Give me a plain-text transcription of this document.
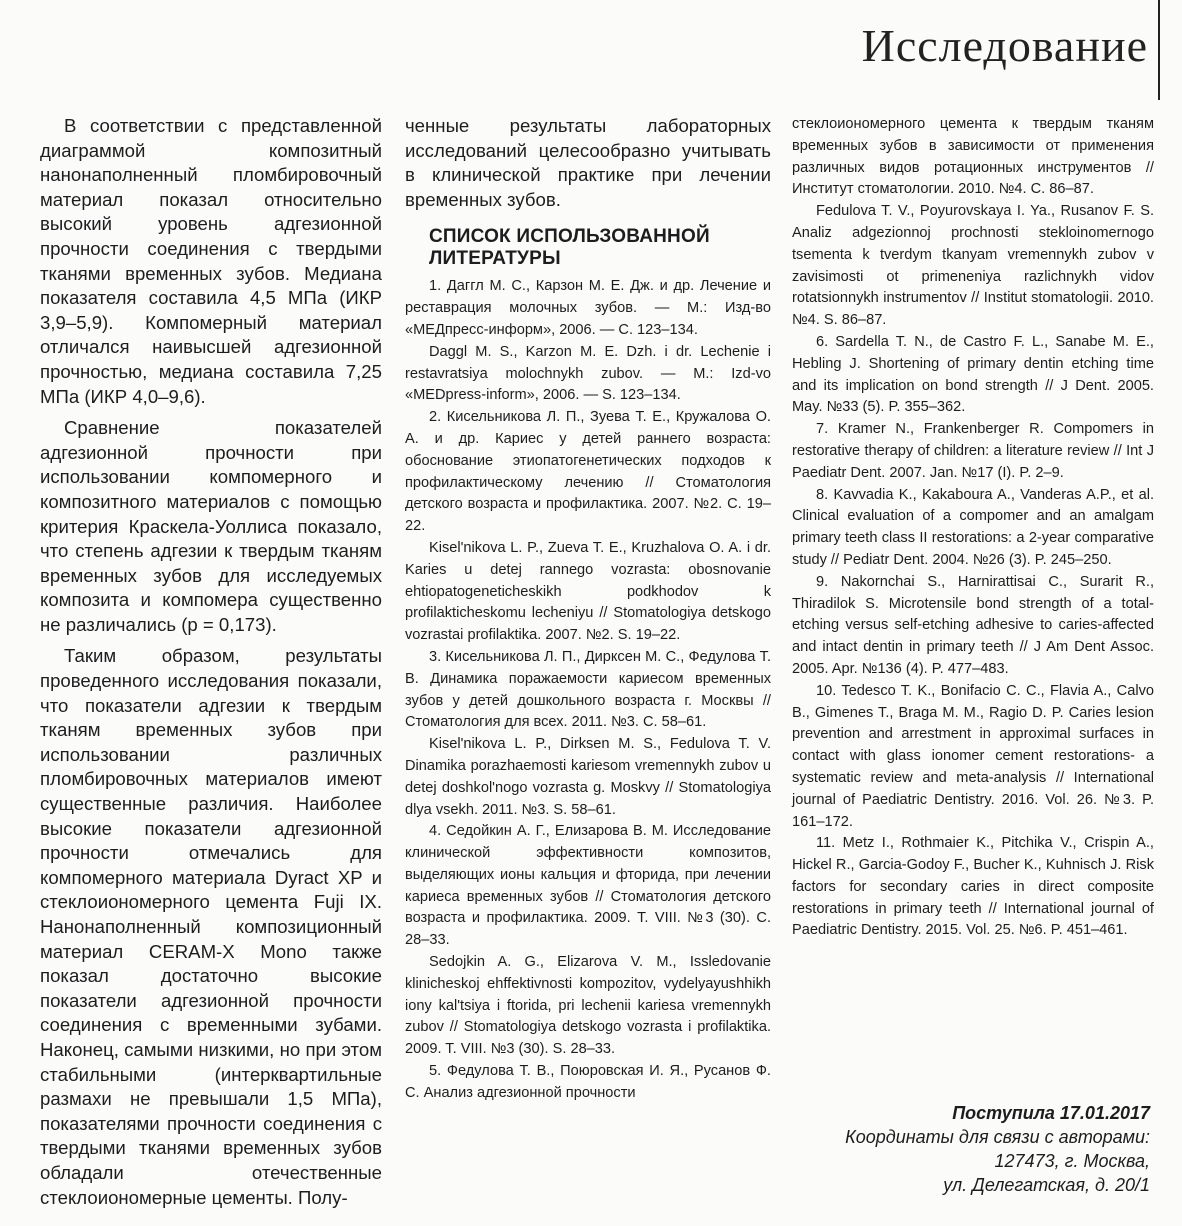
Исследование

В соответствии с представленной диаграммой композитный нанонаполненный пломбировочный материал показал относительно высокий уровень адгезионной прочности соединения с твердыми тканями временных зубов. Медиана показателя составила 4,5 МПа (ИКР 3,9–5,9). Компомерный материал отличался наивысшей адгезионной прочностью, медиана составила 7,25 МПа (ИКР 4,0–9,6).

Сравнение показателей адгезионной прочности при использовании компомерного и композитного материалов с помощью критерия Краскела-Уоллиса показало, что степень адгезии к твердым тканям временных зубов для исследуемых композита и компомера существенно не различались (р = 0,173).

Таким образом, результаты проведенного исследования показали, что показатели адгезии к твердым тканям временных зубов при использовании различных пломбировочных материалов имеют существенные различия. Наиболее высокие показатели адгезионной прочности отмечались для компомерного материала Dyract XP и стеклоиономерного цемента Fuji IX. Нанонаполненный композиционный материал CERAM-X Mono также показал достаточно высокие показатели адгезионной прочности соединения с временными зубами. Наконец, самыми низкими, но при этом стабильными (интерквартильные размахи не превышали 1,5 МПа), показателями прочности соединения с твердыми тканями временных зубов обладали отечественные стеклоиономерные цементы. Полу-

ченные результаты лабораторных исследований целесообразно учитывать в клинической практике при лечении временных зубов.

СПИСОК ИСПОЛЬЗОВАННОЙ ЛИТЕРАТУРЫ

1. Даггл М. С., Карзон М. Е. Дж. и др. Лечение и реставрация молочных зубов. — М.: Изд-во «МЕДпресс-информ», 2006. — С. 123–134.

Daggl M. S., Karzon M. E. Dzh. i dr. Lechenie i restavratsiya molochnykh zubov. — M.: Izd-vo «MEDpress-inform», 2006. — S. 123–134.

2. Кисельникова Л. П., Зуева Т. Е., Кружалова О. А. и др. Кариес у детей раннего возраста: обоснование этиопатогенетических подходов к профилактическому лечению // Стоматология детского возраста и профилактика. 2007. №2. С. 19–22.

Kisel'nikova L. P., Zueva T. E., Kruzhalova O. A. i dr. Karies u detej rannego vozrasta: obosnovanie ehtiopatogeneticheskikh podkhodov k profilakticheskomu lecheniyu // Stomatologiya detskogo vozrastai profilaktika. 2007. №2. S. 19–22.

3. Кисельникова Л. П., Дирксен М. С., Федулова Т. В. Динамика поражаемости кариесом временных зубов у детей дошкольного возраста г. Москвы // Стоматология для всех. 2011. №3. С. 58–61.

Kisel'nikova L. P., Dirksen M. S., Fedulova T. V. Dinamika porazhaemosti kariesom vremennykh zubov u detej doshkol'nogo vozrasta g. Moskvy // Stomatologiya dlya vsekh. 2011. №3. S. 58–61.

4. Седойкин А. Г., Елизарова В. М. Исследование клинической эффективности композитов, выделяющих ионы кальция и фторида, при лечении кариеса временных зубов // Стоматология детского возраста и профилактика. 2009. Т. VIII. №3 (30). С. 28–33.

Sedojkin A. G., Elizarova V. M., Issledovanie klinicheskoj ehffektivnosti kompozitov, vydelyayushhikh iony kal'tsiya i ftorida, pri lechenii kariesa vremennykh zubov // Stomatologiya detskogo vozrasta i profilaktika. 2009. T. VIII. №3 (30). S. 28–33.

5. Федулова Т. В., Поюровская И. Я., Русанов Ф. С. Анализ адгезионной прочности

стеклоиономерного цемента к твердым тканям временных зубов в зависимости от применения различных видов ротационных инструментов // Институт стоматологии. 2010. №4. С. 86–87.

Fedulova T. V., Poyurovskaya I. Ya., Rusanov F. S. Analiz adgezionnoj prochnosti stekloinomernogo tsementa k tverdym tkanyam vremennykh zubov v zavisimosti ot primeneniya razlichnykh vidov rotatsionnykh instrumentov // Institut stomatologii. 2010. №4. S. 86–87.

6. Sardella T. N., de Castro F. L., Sanabe M. E., Hebling J. Shortening of primary dentin etching time and its implication on bond strength // J Dent. 2005. May. №33 (5). P. 355–362.

7. Kramer N., Frankenberger R. Compomers in restorative therapy of children: a literature review // Int J Paediatr Dent. 2007. Jan. №17 (I). P. 2–9.

8. Kavvadia K., Kakaboura A., Vanderas A.P., et al. Clinical evaluation of a compomer and an amalgam primary teeth class II restorations: a 2-year comparative study // Pediatr Dent. 2004. №26 (3). P. 245–250.

9. Nakornchai S., Harnirattisai C., Surarit R., Thiradilok S. Microtensile bond strength of a total-etching versus self-etching adhesive to caries-affected and intact dentin in primary teeth // J Am Dent Assoc. 2005. Apr. №136 (4). P. 477–483.

10. Tedesco T. K., Bonifacio C. C., Flavia A., Calvo B., Gimenes T., Braga M. M., Ragio D. P. Caries lesion prevention and arrestment in approximal surfaces in contact with glass ionomer cement restorations- a systematic review and meta-analysis // International journal of Paediatric Dentistry. 2016. Vol. 26. №3. P. 161–172.

11. Metz I., Rothmaier K., Pitchika V., Crispin A., Hickel R., Garcia-Godoy F., Bucher K., Kuhnisch J. Risk factors for secondary caries in direct composite restorations in primary teeth // International journal of Paediatric Dentistry. 2015. Vol. 25. №6. P. 451–461.

Поступила 17.01.2017
Координаты для связи с авторами:
127473, г. Москва,
ул. Делегатская, д. 20/1
